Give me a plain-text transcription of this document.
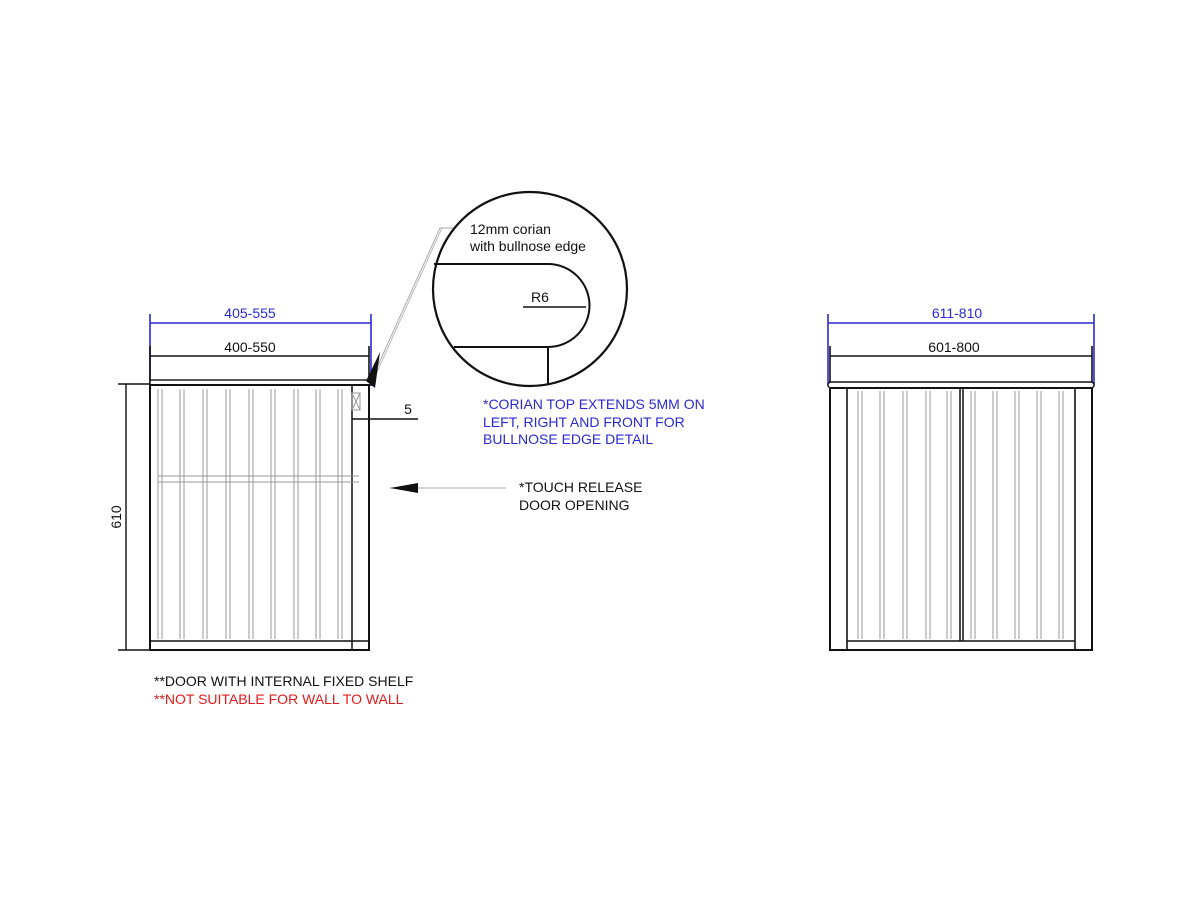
405-555
400-550
610
5
12mm corian
with bullnose edge
R6
*CORIAN TOP EXTENDS 5MM ON
LEFT, RIGHT AND FRONT FOR
BULLNOSE EDGE DETAIL
*TOUCH RELEASE
DOOR OPENING
**DOOR WITH INTERNAL FIXED SHELF
**NOT SUITABLE FOR WALL TO WALL
611-810
601-800
